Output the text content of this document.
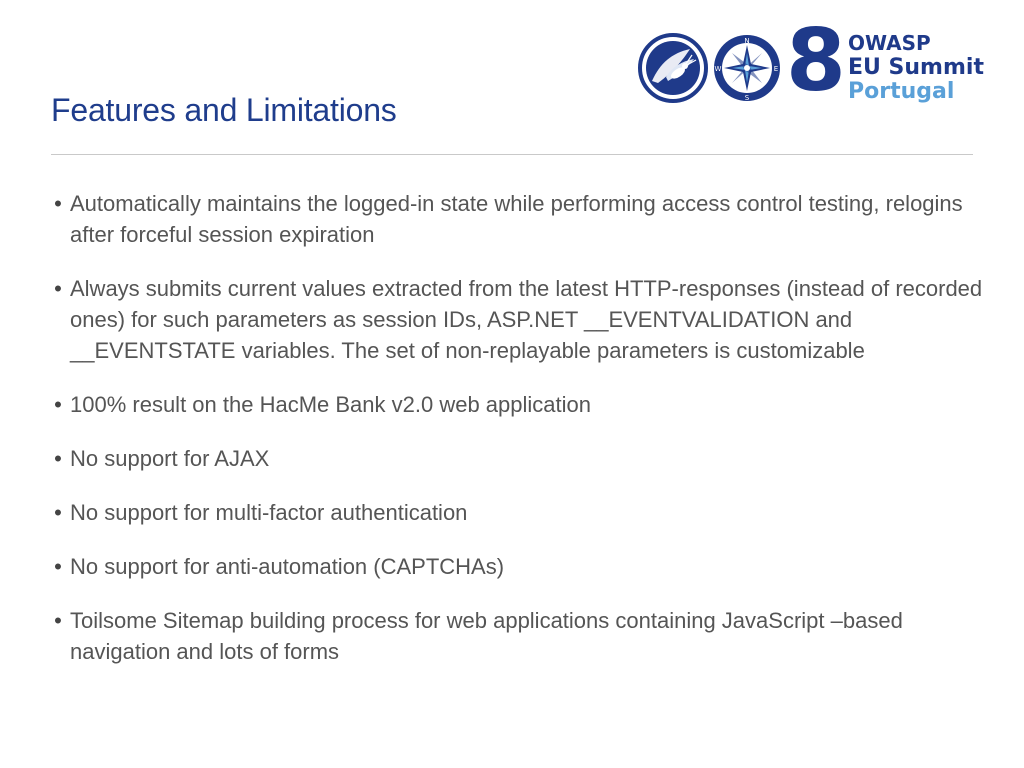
N
E
S
W 8 OWASP
EU Summit
Portugal
Features and Limitations
• Automatically maintains the logged-in state while performing access control testing, relogins after forceful session expiration
• Always submits current values extracted from the latest HTTP-responses (instead of recorded ones) for such parameters as session IDs, ASP.NET __EVENTVALIDATION and __EVENTSTATE variables. The set of non-replayable parameters is customizable
• 100% result on the HacMe Bank v2.0 web application
• No support for AJAX
• No support for multi-factor authentication
• No support for anti-automation (CAPTCHAs)
• Toilsome Sitemap building process for web applications containing JavaScript –based navigation and lots of forms
